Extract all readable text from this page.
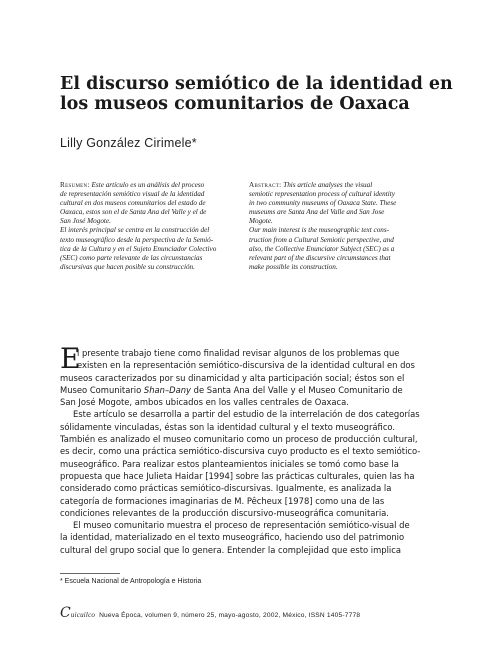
El discurso semiótico de la identidad en
los museos comunitarios de Oaxaca

Lilly González Cirimele*

Resumen: Este artículo es un análisis del proceso
de representación semiótico visual de la identidad
cultural en dos museos comunitarios del estado de
Oaxaca, estos son el de Santa Ana del Valle y el de
San José Mogote.
El interés principal se centra en la construcción del
texto museográfico desde la perspectiva de la Semió-
tica de la Cultura y en el Sujeto Enunciador Colectivo
(SEC) como parte relevante de las circunstancias
discursivas que hacen posible su construcción.
Abstract: This article analyses the visual
semiotic representation process of cultural identity
in two community museums of Oaxaca State. These
museums are Santa Ana del Valle and San Jose
Mogote.
Our main interest is the museographic text cons-
truction from a Cultural Semiotic perspective, and
also, the Collective Enunciator Subject (SEC) as a
relevant part of the discursive circumstances that
make possible its construction.
E
l presente trabajo tiene como finalidad revisar algunos de los problemas que
existen en la representación semiótico-discursiva de la identidad cultural en dos
museos caracterizados por su dinamicidad y alta participación social; éstos son el
Museo Comunitario Shan–Dany de Santa Ana del Valle y el Museo Comunitario de
San José Mogote, ambos ubicados en los valles centrales de Oaxaca.
Este artículo se desarrolla a partir del estudio de la interrelación de dos categorías
sólidamente vinculadas, éstas son la identidad cultural y el texto museográfico.
También es analizado el museo comunitario como un proceso de producción cultural,
es decir, como una práctica semiótico-discursiva cuyo producto es el texto semiótico-
museográfico. Para realizar estos planteamientos iniciales se tomó como base la
propuesta que hace Julieta Haidar [1994] sobre las prácticas culturales, quien las ha
considerado como prácticas semiótico-discursivas. Igualmente, es analizada la
categoría de formaciones imaginarias de M. Pêcheux [1978] como una de las
condiciones relevantes de la producción discursivo-museográfica comunitaria.
El museo comunitario muestra el proceso de representación semiótico-visual de
la identidad, materializado en el texto museográfico, haciendo uso del patrimonio
cultural del grupo social que lo genera. Entender la complejidad que esto implica
* Escuela Nacional de Antropología e Historia
C uicuilco Nueva Época, volumen 9, número 25, mayo-agosto, 2002, México, ISSN 1405-7778
